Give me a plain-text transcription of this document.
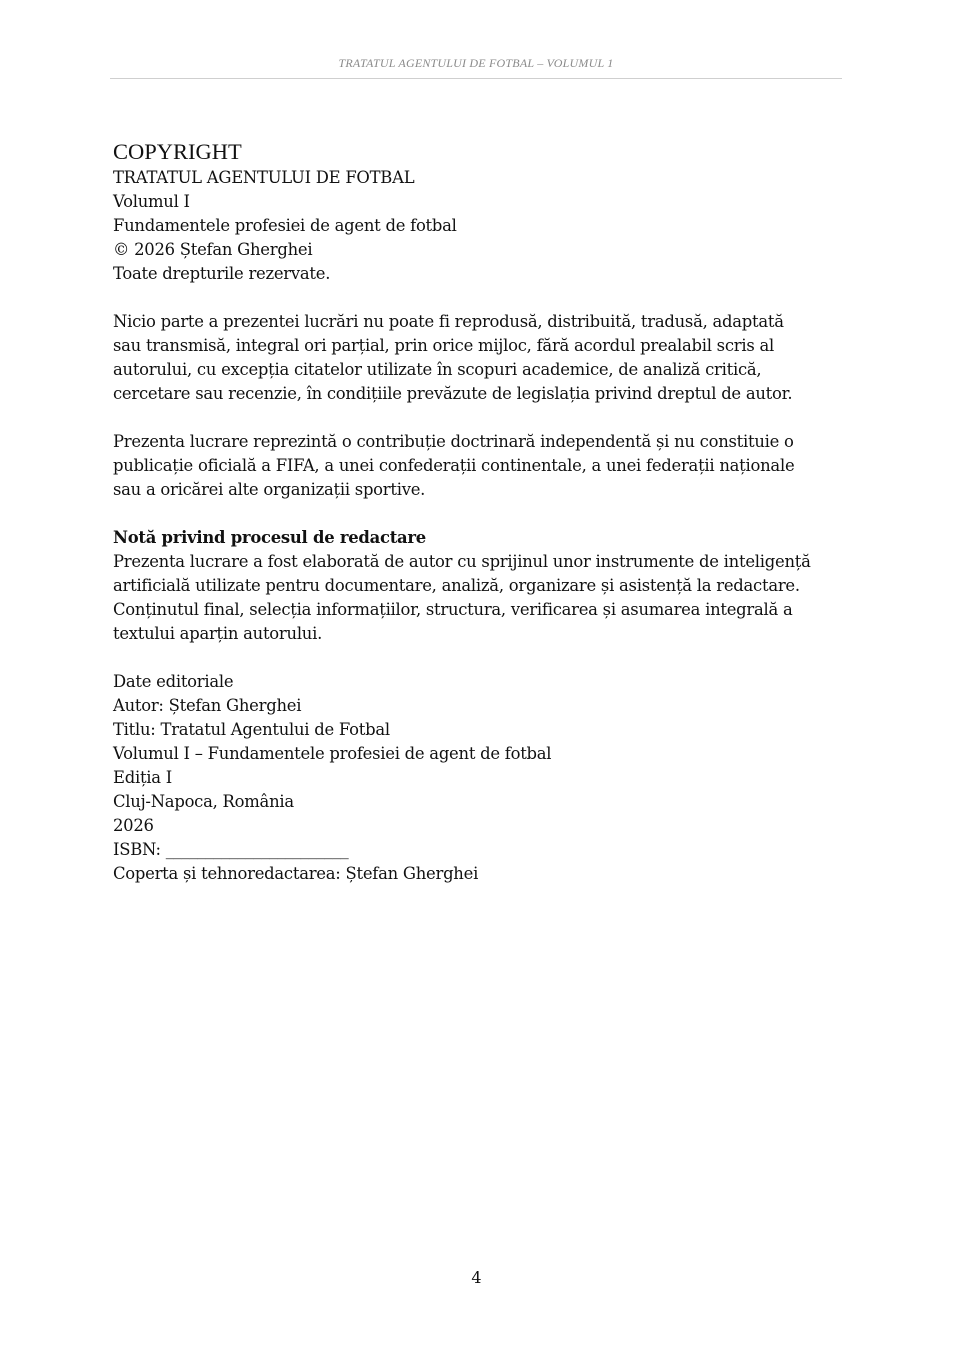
TRATATUL AGENTULUI DE FOTBAL – VOLUMUL 1

COPYRIGHT

TRATATUL AGENTULUI DE FOTBAL
Volumul I
Fundamentele profesiei de agent de fotbal

© 2026 Ștefan Gherghei

Toate drepturile rezervate.

Nicio parte a prezentei lucrări nu poate fi reprodusă, distribuită, tradusă, adaptată
sau transmisă, integral ori parțial, prin orice mijloc, fără acordul prealabil scris al
autorului, cu excepția citatelor utilizate în scopuri academice, de analiză critică,
cercetare sau recenzie, în condițiile prevăzute de legislația privind dreptul de autor.
Prezenta lucrare reprezintă o contribuție doctrinară independentă și nu constituie o
publicație oficială a FIFA, a unei confederații continentale, a unei federații naționale
sau a oricărei alte organizații sportive.
Notă privind procesul de redactare
Prezenta lucrare a fost elaborată de autor cu sprijinul unor instrumente de inteligență
artificială utilizate pentru documentare, analiză, organizare și asistență la redactare.
Conținutul final, selecția informațiilor, structura, verificarea și asumarea integrală a
textului aparțin autorului.
Date editoriale
Autor: Ștefan Gherghei
Titlu: Tratatul Agentului de Fotbal
Volumul I – Fundamentele profesiei de agent de fotbal
Ediția I
Cluj-Napoca, România
2026

ISBN: _______________________

Coperta și tehnoredactarea: Ștefan Gherghei

4
